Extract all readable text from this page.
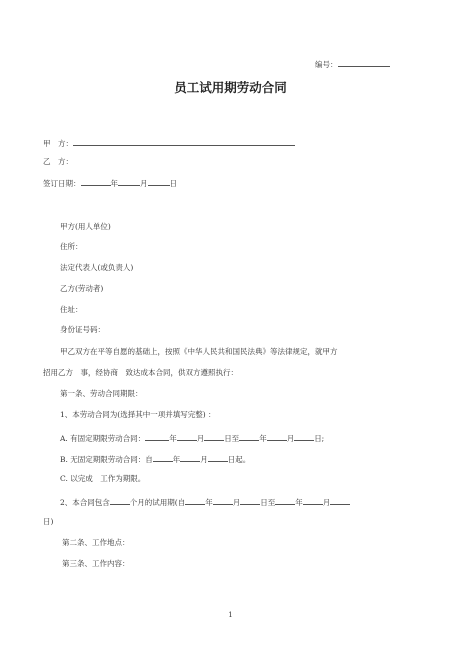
编号：
员工试用期劳动合同
甲　方：
乙　方：
签订日期：	年	月	日
甲方(用人单位)
住所：
法定代表人(或负责人)
乙方(劳动者)
住址：
身份证号码：
甲乙双方在平等自愿的基础上，按照《中华人民共和国民法典》等法律规定，就甲方
招用乙方　事，经协商　致达成本合同，供双方遵照执行：
第一条、劳动合同期限：
1、本劳动合同为(选择其中一项并填写完整) ：
A. 有固定期限劳动合同：	年	月	日至	年	月	日;
B. 无固定期限劳动合同：自	年	月	日起。
C. 以完成　工作为期限。
2、本合同包含	个月的试用期(自	年	月	日至	年	月
日)
第二条、工作地点：
第三条、工作内容：
1
